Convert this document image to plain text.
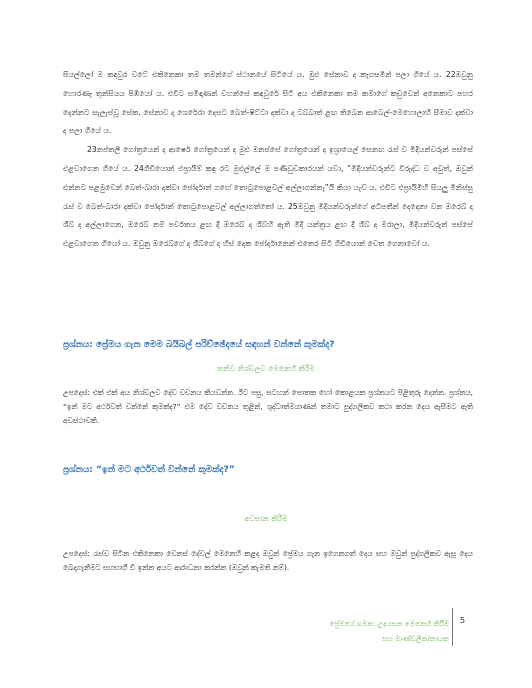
සියල්ලෝ ම කඳවුර වටේ එකිනෙකා තම තමන්ගේ ස්ථානයේ සිටියේ ය. මුළු සේනාව ද කෑගසමින් පලා ගියේ ය. 22ඔවුනු හොරණෑ තුන්සියය පිඹියෝ ය. එවිට සමිඳාණන් වහන්සේ කඳවුරේ සිටි අය එකිනෙකා තම කමාගේ කඩුවෙන් අනෙකාට පහර දෙන්නට සැලැස්වූ සේක. සේනාව ද ශෙරේරා දෙසට බෙත්-ෂිට්ටා දක්වා ද ටබ්බාත් ළඟ තිබෙන ආබෙල්-මෙහොලාහි සීමාව දක්වා ද පලා ගියේ ය.

23නප්තලී ගෝත්‍රයෙන් ද ආෂෙර් ගෝත්‍රයෙන් ද මුළු මනස්සේ ගෝත්‍රයෙන් ද ඉශ්‍රායෙල් සෙනඟ රැස් ව මිදියන්වරුන් පස්සේ එළවාගෙන ගියේ ය. 24ගිඩියොන් එප්‍රායිම් කඳු රට මුළුල්ලේ ම පණිවුඩකාරයන් යවා, “මිදියන්වරුන්ට විරුද්ධ ව අවුත්, ඔවුන් එන්නට පළමුවෙන් බෙත්-බාරා දක්වා ජෝර්දාන් ගඟේ තොටුපොළවල් අල්ලාගන්නැ”යි කියා යැව් ය. එවිට එප්‍රායිමිහි සියලු මිනිස්සු රැස් ව බෙත්-බාරා දක්වා ජෝර්දාන් තොටුපොළවල් අල්ලාගත්තෝ ය. 25ඔවුනු මිදියන්වරුන්ගේ අධිපතීන් දෙදෙනා වන ඔරෙබ් ද ශීබ් ද අල්ලාගෙන, ඔරෙබ් නම් පර්වතය ළඟ දී ඔරෙබ් ද ශීබ්හි ඇති මිදි යන්ත්‍රය ළඟ දී ශීබ් ද මරාලා, මිදියන්වරුන් පස්සේ එළවාගෙන ගියෝ ය. ඔවුනු ඔරෙබ්ගේ ද ශීබ්ගේ ද හිස් දෙක ජෝර්දානෙන් එතෙර සිටි ගිඩියොන් වෙත ගෙනාවෝ ය.

ප්‍රශ්නය: ප්‍රේමය ගැන මෙම බයිබල් පරිච්ඡේදයේ සඳහන් වන්නේ කුමක්ද?
තනිව නිශ්චලව මෙනෙහි කිරීම
උපදෙස්: එක් එක් අය නිශ්චලව දේව වචනය කියවන්න. ඊට පසු, සටහන් පොතක හෝ කොළයක ප්‍රශ්නයට පිළිතුරු දෙන්න. ප්‍රශ්නය, “ඉන් මට අර්ථවත් වන්නේ කුමක්ද?” එම දේව වචනය තුළින්, ශුද්ධාත්මයාණන් තමාට පුද්ගලිකව කථා කරන දෙය ඇසීමට ඇති අවස්ථාවකි.
ප්‍රශ්නය: “ඉන් මට අර්ථවත් වන්නේ කුමක්ද?”
අවසාන කිරීම
උපදෙස්: රැස්ව සිටින එකිනෙකා වෙනස් දේවල් මෙනෙහි කළද ඔවුන් ප්‍රේමය ගැන ඉගෙනගත් දෙය සහ ඔවුන් පුද්ගලිකව ඇසූ දෙය බෙදාගැනීමට සහභාගී වී ඉන්න අයට ආරාධනා කරන්න (ඔවුන් කැමති නම්).
ප්‍රේමයේ ගමන: උදයසන මෙනෙහි කිරීම
සහ මාණ්ඩලික/නායක
5
